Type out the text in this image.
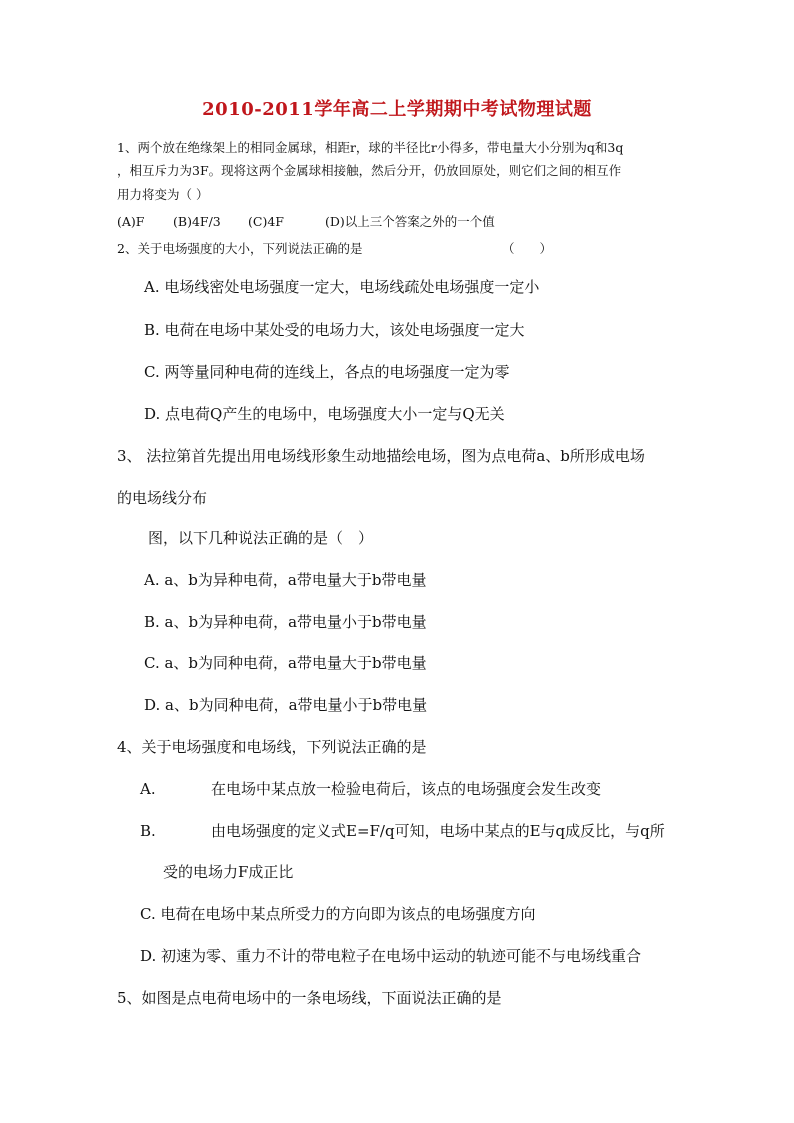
2010-2011学年高二上学期期中考试物理试题
1、两个放在绝缘架上的相同金属球，相距r，球的半径比r小得多，带电量大小分别为q和3q
，相互斥力为3F。现将这两个金属球相接触，然后分开，仍放回原处，则它们之间的相互作
用力将变为（ ）
(A)F (B)4F/3 (C)4F	(D)以上三个答案之外的一个值
2、关于电场强度的大小，下列说法正确的是	（　　）
A. 电场线密处电场强度一定大，电场线疏处电场强度一定小
B. 电荷在电场中某处受的电场力大，该处电场强度一定大
C. 两等量同种电荷的连线上，各点的电场强度一定为零
D. 点电荷Q产生的电场中，电场强度大小一定与Q无关
3、 法拉第首先提出用电场线形象生动地描绘电场，图为点电荷a、b所形成电场
的电场线分布
图，以下几种说法正确的是（　）
A. a、b为异种电荷，a带电量大于b带电量
B. a、b为异种电荷，a带电量小于b带电量
C. a、b为同种电荷，a带电量大于b带电量
D. a、b为同种电荷，a带电量小于b带电量
4、关于电场强度和电场线，下列说法正确的是
A.	在电场中某点放一检验电荷后，该点的电场强度会发生改变
B.	由电场强度的定义式E=F/q可知，电场中某点的E与q成反比，与q所
受的电场力F成正比
C. 电荷在电场中某点所受力的方向即为该点的电场强度方向
D. 初速为零、重力不计的带电粒子在电场中运动的轨迹可能不与电场线重合
5、如图是点电荷电场中的一条电场线，下面说法正确的是
